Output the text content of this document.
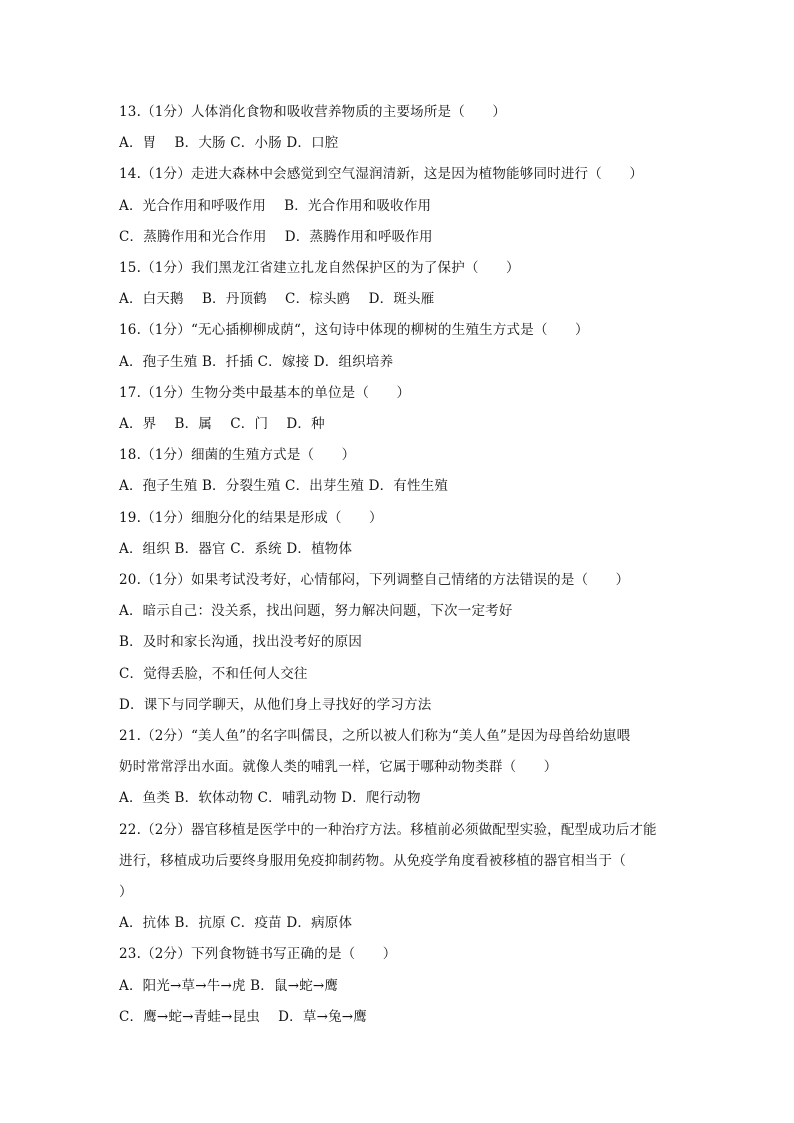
13.（1分）人体消化食物和吸收营养物质的主要场所是（　　）
A．胃　 B．大肠 C．小肠 D．口腔
14.（1分）走进大森林中会感觉到空气湿润清新，这是因为植物能够同时进行（　　）
A．光合作用和呼吸作用　 B．光合作用和吸收作用
C．蒸腾作用和光合作用　 D．蒸腾作用和呼吸作用
15.（1分）我们黑龙江省建立扎龙自然保护区的为了保护（　　）
A．白天鹅　 B．丹顶鹤　 C．棕头鸥　 D．斑头雁
16.（1分）“无心插柳柳成荫“，这句诗中体现的柳树的生殖生方式是（　　）
A．孢子生殖 B．扦插 C．嫁接 D．组织培养
17.（1分）生物分类中最基本的单位是（　　）
A．界　 B．属　 C．门　 D．种
18.（1分）细菌的生殖方式是（　　）
A．孢子生殖 B．分裂生殖 C．出芽生殖 D．有性生殖
19.（1分）细胞分化的结果是形成（　　）
A．组织 B．器官 C．系统 D．植物体
20.（1分）如果考试没考好，心情郁闷，下列调整自己情绪的方法错误的是（　　）
A．暗示自己：没关系，找出问题，努力解决问题，下次一定考好
B．及时和家长沟通，找出没考好的原因
C．觉得丢脸，不和任何人交往
D．课下与同学聊天，从他们身上寻找好的学习方法
21.（2分）“美人鱼”的名字叫儒艮，之所以被人们称为“美人鱼”是因为母兽给幼崽喂
奶时常常浮出水面。就像人类的哺乳一样，它属于哪种动物类群（　　）
A．鱼类 B．软体动物 C．哺乳动物 D．爬行动物
22.（2分）器官移植是医学中的一种治疗方法。移植前必须做配型实验，配型成功后才能
进行，移植成功后要终身服用免疫抑制药物。从免疫学角度看被移植的器官相当于（
）
A．抗体 B．抗原 C．疫苗 D．病原体
23.（2分）下列食物链书写正确的是（　　）
A．阳光→草→牛→虎 B．鼠→蛇→鹰
C．鹰→蛇→青蛙→昆虫　 D．草→兔→鹰
